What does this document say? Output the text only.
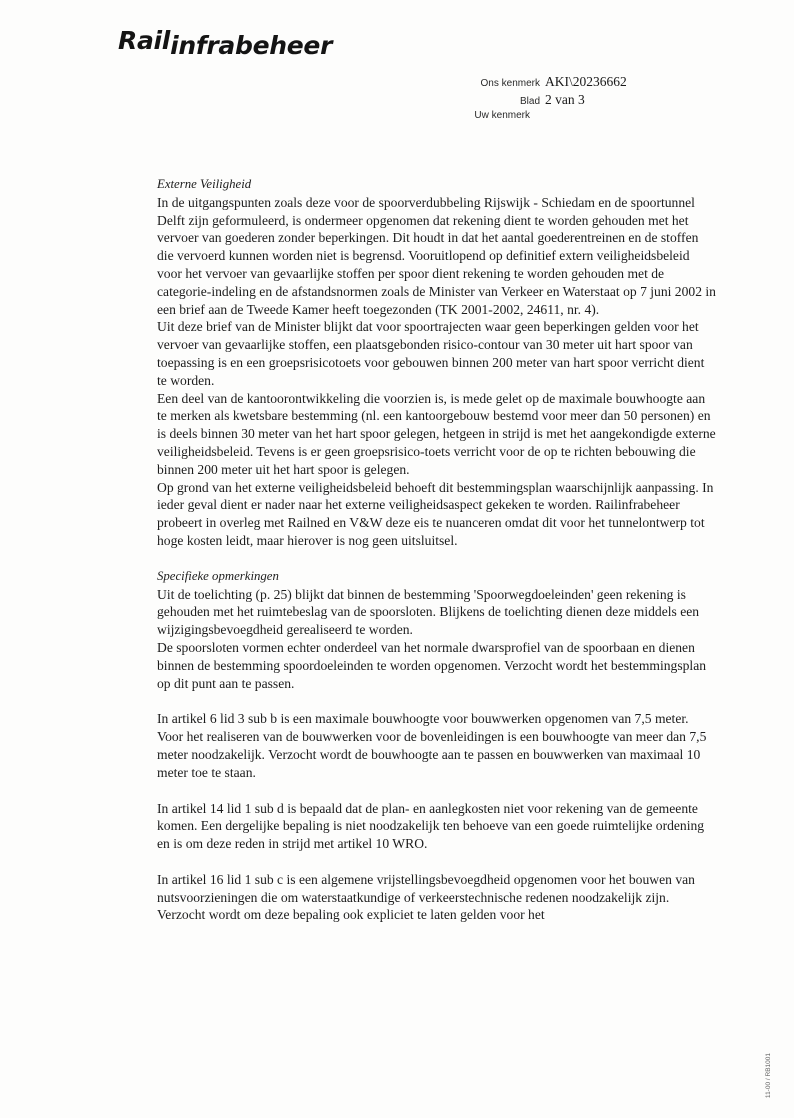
Railinfrabeheer
Ons kenmerk AKI\20236662
Blad 2 van 3
Uw kenmerk

Externe Veiligheid

In de uitgangspunten zoals deze voor de spoorverdubbeling Rijswijk - Schiedam en de spoortunnel Delft zijn geformuleerd, is ondermeer opgenomen dat rekening dient te worden gehouden met het vervoer van goederen zonder beperkingen. Dit houdt in dat het aantal goederentreinen en de stoffen die vervoerd kunnen worden niet is begrensd. Vooruitlopend op definitief extern veiligheidsbeleid voor het vervoer van gevaarlijke stoffen per spoor dient rekening te worden gehouden met de categorie-indeling en de afstandsnormen zoals de Minister van Verkeer en Waterstaat op 7 juni 2002 in een brief aan de Tweede Kamer heeft toegezonden (TK 2001-2002, 24611, nr. 4).

Uit deze brief van de Minister blijkt dat voor spoortrajecten waar geen beperkingen gelden voor het vervoer van gevaarlijke stoffen, een plaatsgebonden risico-contour van 30 meter uit hart spoor van toepassing is en een groepsrisicotoets voor gebouwen binnen 200 meter van hart spoor verricht dient te worden.

Een deel van de kantoorontwikkeling die voorzien is, is mede gelet op de maximale bouwhoogte aan te merken als kwetsbare bestemming (nl. een kantoorgebouw bestemd voor meer dan 50 personen) en is deels binnen 30 meter van het hart spoor gelegen, hetgeen in strijd is met het aangekondigde externe veiligheidsbeleid. Tevens is er geen groepsrisico-toets verricht voor de op te richten bebouwing die binnen 200 meter uit het hart spoor is gelegen.

Op grond van het externe veiligheidsbeleid behoeft dit bestemmingsplan waarschijnlijk aanpassing. In ieder geval dient er nader naar het externe veiligheidsaspect gekeken te worden. Railinfrabeheer probeert in overleg met Railned en V&W deze eis te nuanceren omdat dit voor het tunnelontwerp tot hoge kosten leidt, maar hierover is nog geen uitsluitsel.

Specifieke opmerkingen

Uit de toelichting (p. 25) blijkt dat binnen de bestemming 'Spoorwegdoeleinden' geen rekening is gehouden met het ruimtebeslag van de spoorsloten. Blijkens de toelichting dienen deze middels een wijzigingsbevoegdheid gerealiseerd te worden.

De spoorsloten vormen echter onderdeel van het normale dwarsprofiel van de spoorbaan en dienen binnen de bestemming spoordoeleinden te worden opgenomen. Verzocht wordt het bestemmingsplan op dit punt aan te passen.

In artikel 6 lid 3 sub b is een maximale bouwhoogte voor bouwwerken opgenomen van 7,5 meter. Voor het realiseren van de bouwwerken voor de bovenleidingen is een bouwhoogte van meer dan 7,5 meter noodzakelijk. Verzocht wordt de bouwhoogte aan te passen en bouwwerken van maximaal 10 meter toe te staan.

In artikel 14 lid 1 sub d is bepaald dat de plan- en aanlegkosten niet voor rekening van de gemeente komen. Een dergelijke bepaling is niet noodzakelijk ten behoeve van een goede ruimtelijke ordening en is om deze reden in strijd met artikel 10 WRO.

In artikel 16 lid 1 sub c is een algemene vrijstellingsbevoegdheid opgenomen voor het bouwen van nutsvoorzieningen die om waterstaatkundige of verkeerstechnische redenen noodzakelijk zijn. Verzocht wordt om deze bepaling ook expliciet te laten gelden voor het

11-00 / RB1001
